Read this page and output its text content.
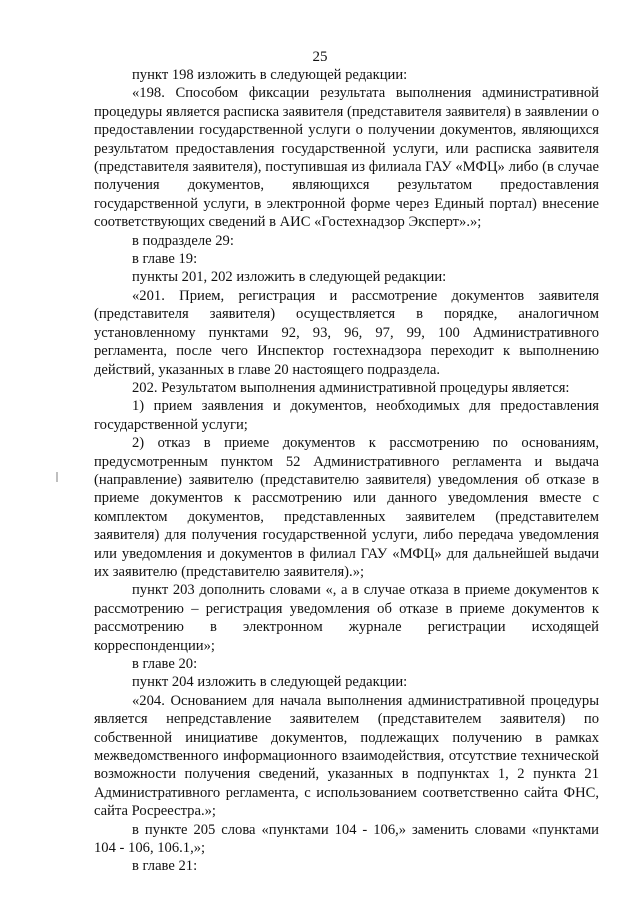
25

пункт 198 изложить в следующей редакции:

«198. Способом фиксации результата выполнения административной процедуры является расписка заявителя (представителя заявителя) в заявлении о предоставлении государственной услуги о получении документов, являющихся результатом предоставления государственной услуги, или расписка заявителя (представителя заявителя), поступившая из филиала ГАУ «МФЦ» либо (в случае получения документов, являющихся результатом предоставления государственной услуги, в электронной форме через Единый портал) внесение соответствующих сведений в АИС «Гостехнадзор Эксперт».»;

в подразделе 29:

в главе 19:

пункты 201, 202 изложить в следующей редакции:

«201. Прием, регистрация и рассмотрение документов заявителя (представителя заявителя) осуществляется в порядке, аналогичном установленному пунктами 92, 93, 96, 97, 99, 100 Административного регламента, после чего Инспектор гостехнадзора переходит к выполнению действий, указанных в главе 20 настоящего подраздела.

202. Результатом выполнения административной процедуры является:

1) прием заявления и документов, необходимых для предоставления государственной услуги;

2) отказ в приеме документов к рассмотрению по основаниям, предусмотренным пунктом 52 Административного регламента и выдача (направление) заявителю (представителю заявителя) уведомления об отказе в приеме документов к рассмотрению или данного уведомления вместе с комплектом документов, представленных заявителем (представителем заявителя) для получения государственной услуги, либо передача уведомления или уведомления и документов в филиал ГАУ «МФЦ» для дальнейшей выдачи их заявителю (представителю заявителя).»;

пункт 203 дополнить словами «, а в случае отказа в приеме документов к рассмотрению – регистрация уведомления об отказе в приеме документов к рассмотрению в электронном журнале регистрации исходящей корреспонденции»;

в главе 20:

пункт 204 изложить в следующей редакции:

«204. Основанием для начала выполнения административной процедуры является непредставление заявителем (представителем заявителя) по собственной инициативе документов, подлежащих получению в рамках межведомственного информационного взаимодействия, отсутствие технической возможности получения сведений, указанных в подпунктах 1, 2 пункта 21 Административного регламента, с использованием соответственно сайта ФНС, сайта Росреестра.»;

в пункте 205 слова «пунктами 104 - 106,» заменить словами «пунктами 104 - 106, 106.1,»;

в главе 21:
